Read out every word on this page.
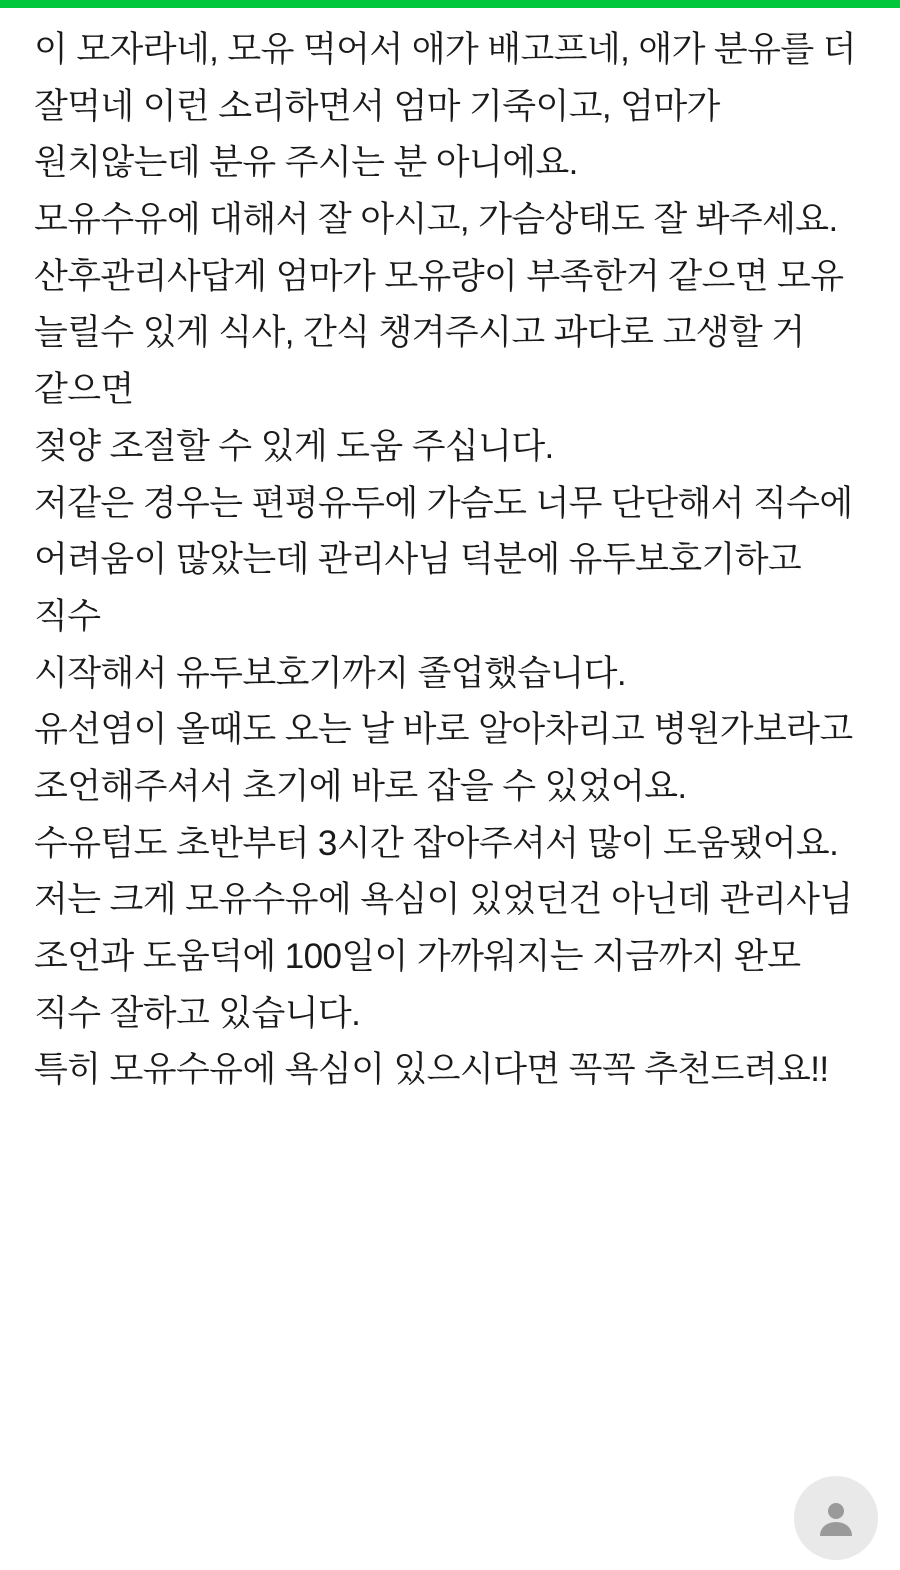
이 모자라네, 모유 먹어서 애가 배고프네, 애가 분유를 더 잘먹네 이런 소리하면서 엄마 기죽이고, 엄마가 원치않는데 분유 주시는 분 아니에요.

모유수유에 대해서 잘 아시고, 가슴상태도 잘 봐주세요.

산후관리사답게 엄마가 모유량이 부족한거 같으면 모유 늘릴수 있게 식사, 간식 챙겨주시고 과다로 고생할 거 같으면

젖양 조절할 수 있게 도움 주십니다.

저같은 경우는 편평유두에 가슴도 너무 단단해서 직수에

어려움이 많았는데 관리사님 덕분에 유두보호기하고 직수

시작해서 유두보호기까지 졸업했습니다.

유선염이 올때도 오는 날 바로 알아차리고 병원가보라고

조언해주셔서 초기에 바로 잡을 수 있었어요.

수유텀도 초반부터 3시간 잡아주셔서 많이 도움됐어요.

저는 크게 모유수유에 욕심이 있었던건 아닌데 관리사님

조언과 도움덕에 100일이 가까워지는 지금까지 완모 직수 잘하고 있습니다.

특히 모유수유에 욕심이 있으시다면 꼭꼭 추천드려요!!
